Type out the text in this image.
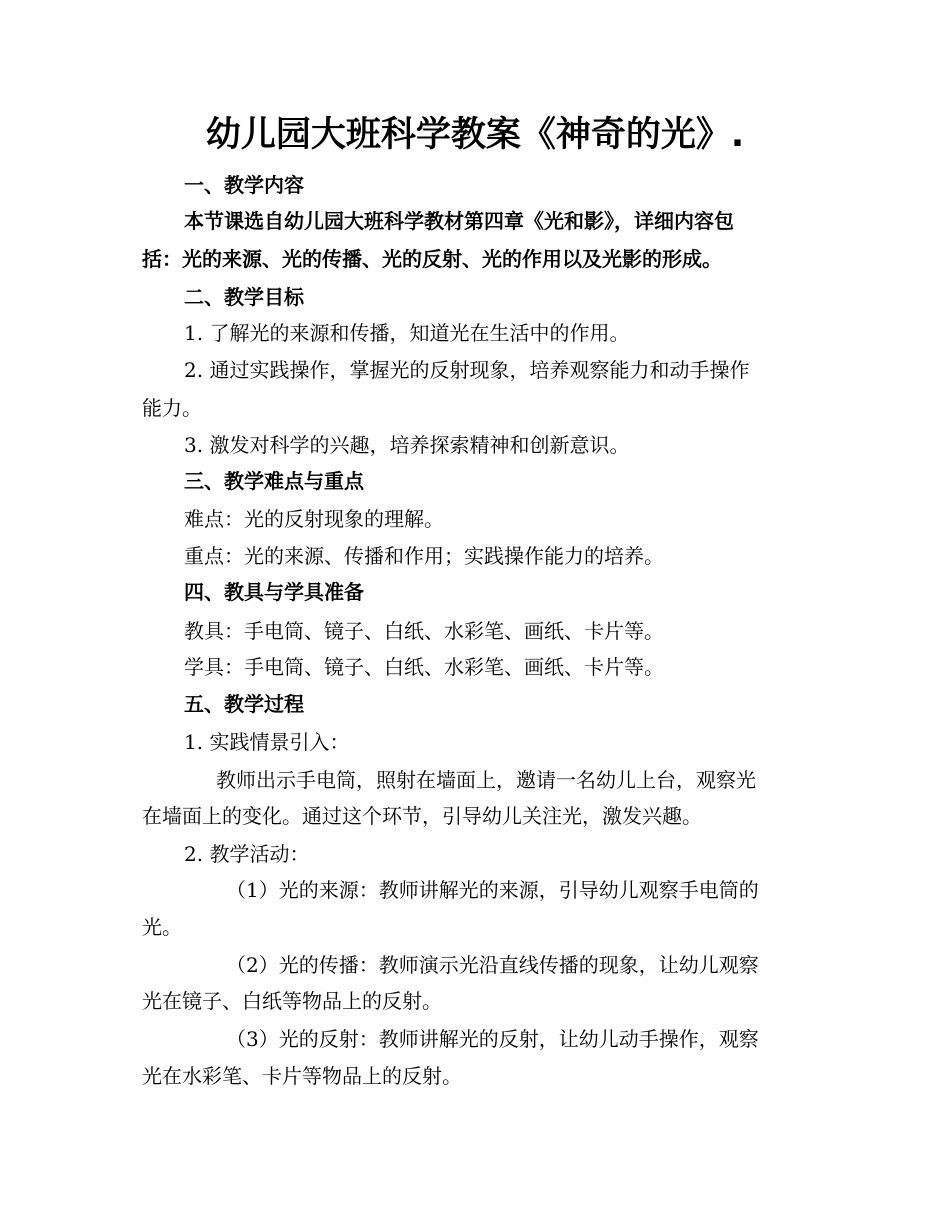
幼儿园大班科学教案《神奇的光》.
一、教学内容
本节课选自幼儿园大班科学教材第四章《光和影》，详细内容包
括：光的来源、光的传播、光的反射、光的作用以及光影的形成。
二、教学目标
1. 了解光的来源和传播，知道光在生活中的作用。
2. 通过实践操作，掌握光的反射现象，培养观察能力和动手操作
能力。
3. 激发对科学的兴趣，培养探索精神和创新意识。
三、教学难点与重点
难点：光的反射现象的理解。
重点：光的来源、传播和作用；实践操作能力的培养。
四、教具与学具准备
教具：手电筒、镜子、白纸、水彩笔、画纸、卡片等。
学具：手电筒、镜子、白纸、水彩笔、画纸、卡片等。
五、教学过程
1. 实践情景引入：
教师出示手电筒，照射在墙面上，邀请一名幼儿上台，观察光
在墙面上的变化。通过这个环节，引导幼儿关注光，激发兴趣。
2. 教学活动：
（1）光的来源：教师讲解光的来源，引导幼儿观察手电筒的
光。
（2）光的传播：教师演示光沿直线传播的现象，让幼儿观察
光在镜子、白纸等物品上的反射。
（3）光的反射：教师讲解光的反射，让幼儿动手操作，观察
光在水彩笔、卡片等物品上的反射。
